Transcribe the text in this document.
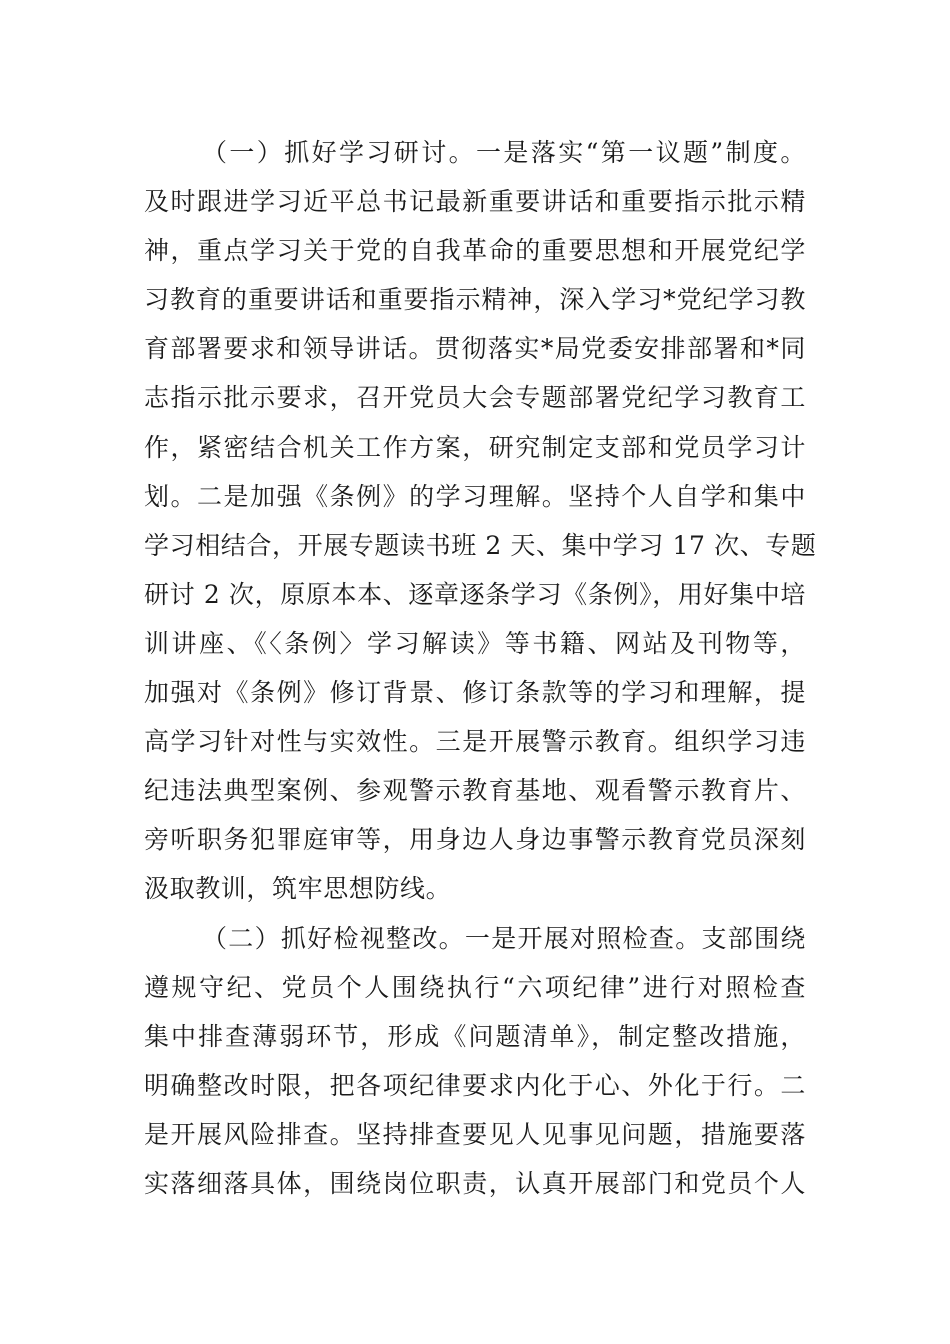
（一）抓好学习研讨。一是落实“第一议题”制度。
及时跟进学习近平总书记最新重要讲话和重要指示批示精
神，重点学习关于党的自我革命的重要思想和开展党纪学
习教育的重要讲话和重要指示精神，深入学习*党纪学习教
育部署要求和领导讲话。贯彻落实*局党委安排部署和*同
志指示批示要求，召开党员大会专题部署党纪学习教育工
作，紧密结合机关工作方案，研究制定支部和党员学习计
划。二是加强《条例》的学习理解。坚持个人自学和集中
学习相结合，开展专题读书班 2 天、集中学习 17 次、专题
研讨 2 次，原原本本、逐章逐条学习《条例》，用好集中培
训讲座、《〈条例〉学习解读》等书籍、网站及刊物等，
加强对《条例》修订背景、修订条款等的学习和理解，提
高学习针对性与实效性。三是开展警示教育。组织学习违
纪违法典型案例、参观警示教育基地、观看警示教育片、
旁听职务犯罪庭审等，用身边人身边事警示教育党员深刻
汲取教训，筑牢思想防线。
（二）抓好检视整改。一是开展对照检查。支部围绕
遵规守纪、党员个人围绕执行“六项纪律”进行对照检查
集中排查薄弱环节，形成《问题清单》，制定整改措施，
明确整改时限，把各项纪律要求内化于心、外化于行。二
是开展风险排查。坚持排查要见人见事见问题，措施要落
实落细落具体，围绕岗位职责，认真开展部门和党员个人
